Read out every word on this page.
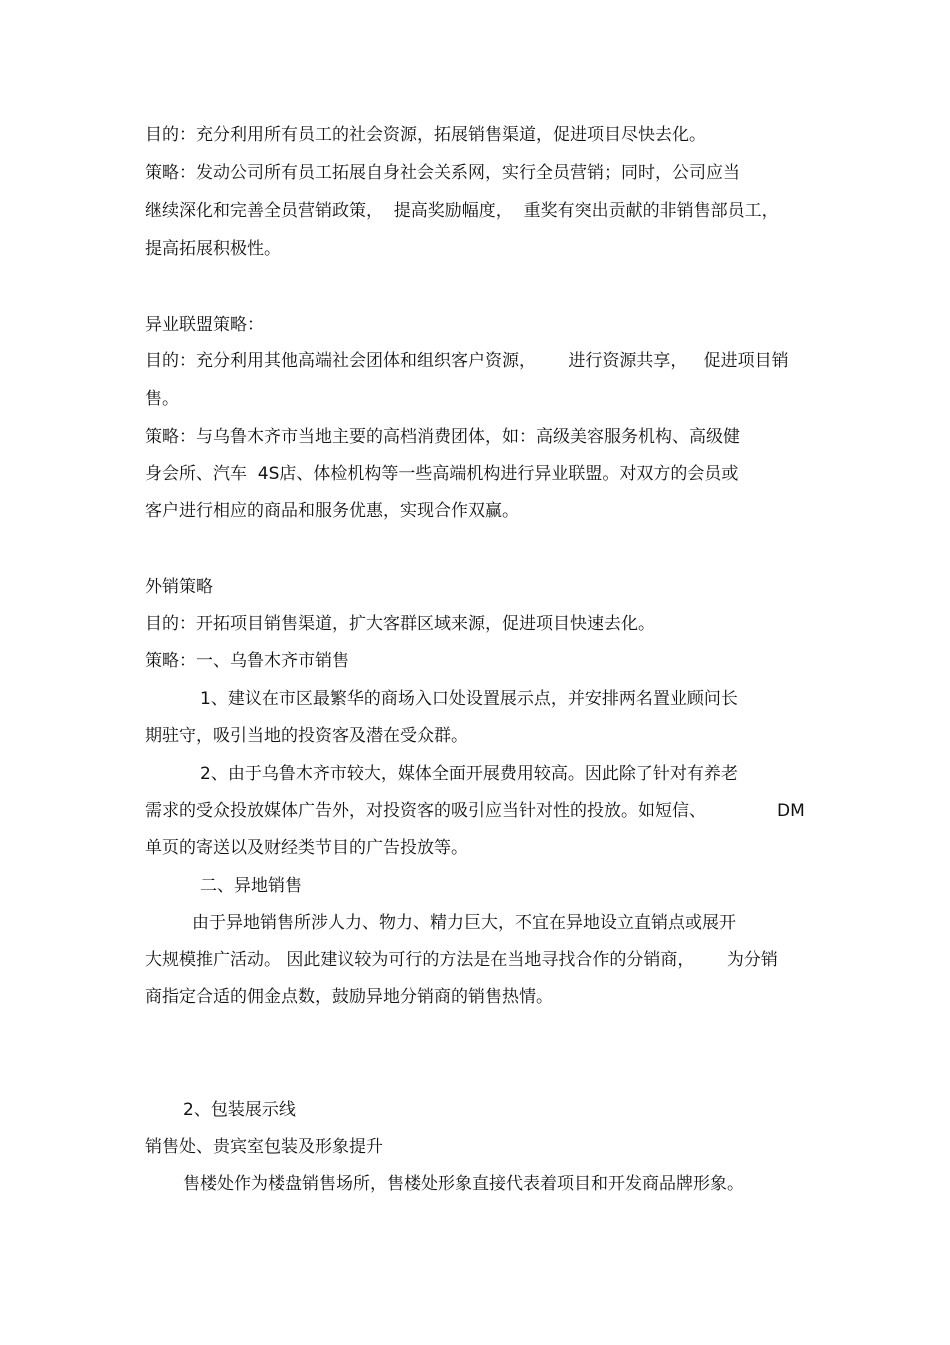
目的：充分利用所有员工的社会资源，拓展销售渠道，促进项目尽快去化。
策略：发动公司所有员工拓展自身社会关系网，实行全员营销；同时，公司应当
继续深化和完善全员营销政策，  提高奖励幅度，  重奖有突出贡献的非销售部员工，
提高拓展积极性。
异业联盟策略：
目的：充分利用其他高端社会团体和组织客户资源，      进行资源共享，   促进项目销
售。
策略：与乌鲁木齐市当地主要的高档消费团体，如：高级美容服务机构、高级健
身会所、汽车  4S店、体检机构等一些高端机构进行异业联盟。对双方的会员或
客户进行相应的商品和服务优惠，实现合作双赢。
外销策略
目的：开拓项目销售渠道，扩大客群区域来源，促进项目快速去化。
策略：一、乌鲁木齐市销售
1、建议在市区最繁华的商场入口处设置展示点，并安排两名置业顾问长
期驻守，吸引当地的投资客及潜在受众群。
2、由于乌鲁木齐市较大，媒体全面开展费用较高。因此除了针对有养老
需求的受众投放媒体广告外，对投资客的吸引应当针对性的投放。如短信、	DM
单页的寄送以及财经类节目的广告投放等。
二、异地销售
由于异地销售所涉人力、物力、精力巨大，不宜在异地设立直销点或展开
大规模推广活动。 因此建议较为可行的方法是在当地寻找合作的分销商，      为分销
商指定合适的佣金点数，鼓励异地分销商的销售热情。
2、包装展示线
销售处、贵宾室包装及形象提升
售楼处作为楼盘销售场所，售楼处形象直接代表着项目和开发商品牌形象。
